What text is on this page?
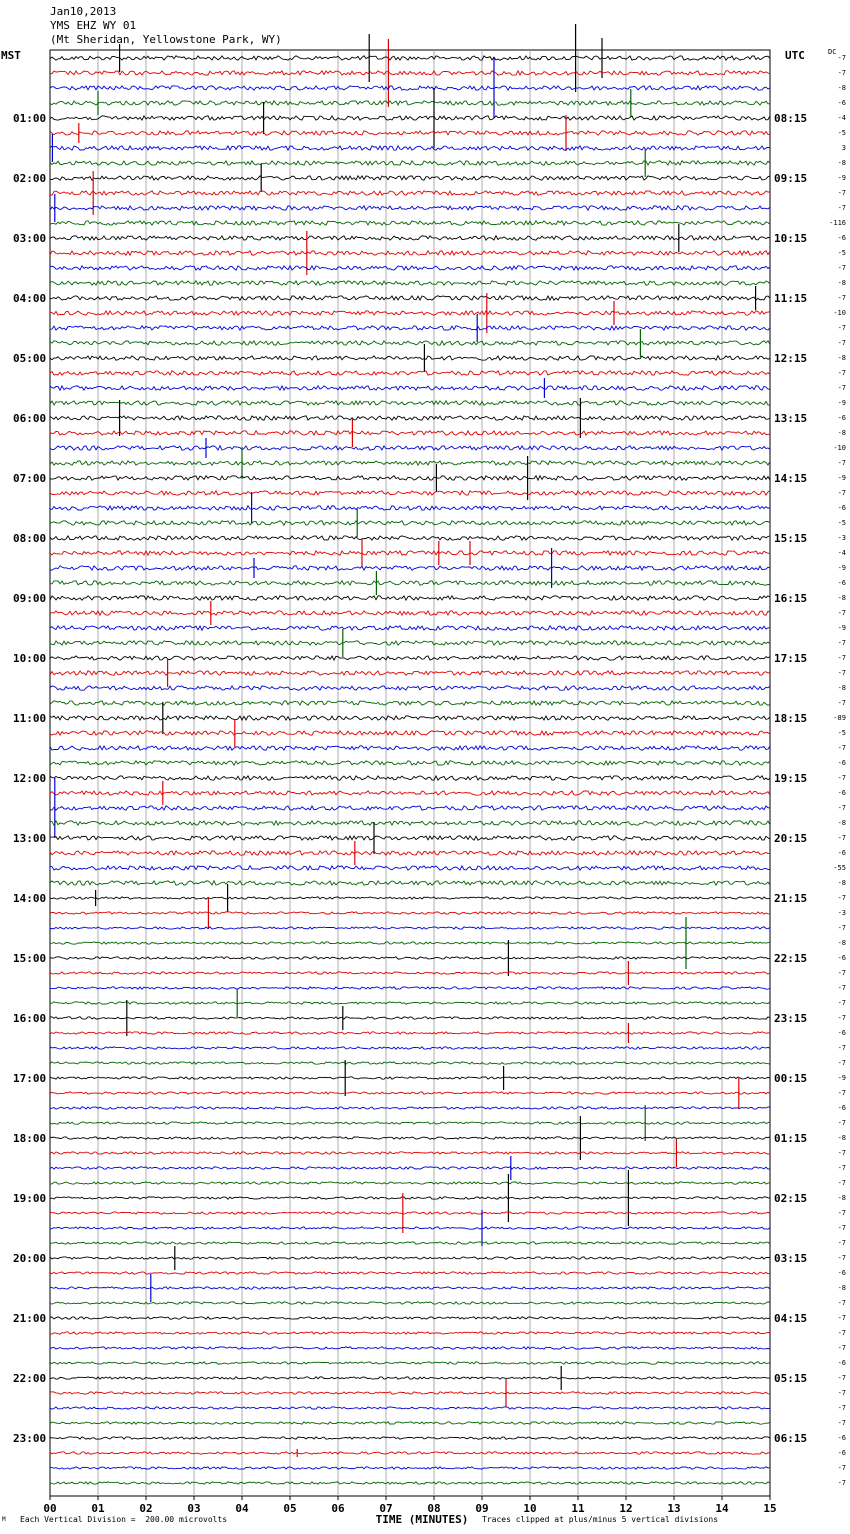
Jan10,2013
YMS EHZ WY 01
(Mt Sheridan, Yellowstone Park, WY)
MST	UTC	DC
-7
-7
-8
-6
-4
-5
3
-8
-9
-7
-7
-116
-6
-5
-7
-8
-7
-10
-7
-7
-8
-7
-7
-9
-6
-8
-10
-7
-9
-7
-6
-5
-3
-4
-9
-6
-8
-7
-9
-7
-7
-7
-8
-7
-89
-5
-7
-6
-7
-6
-7
-8
-7
-6
-55
-8
-7
-3
-7
-8
-6
-7
-7
-7
-7
-6
-7
-7
-9
-7
-6
-7
-8
-7
-7
-7
-8
-7
-7
-7
-7
-6
-8
-7
-7
-7
-7
-6
-7
-7
-7
-7
-6
-6
-7
-7
01:00
02:00
03:00
04:00
05:00
06:00
07:00
08:00
09:00
10:00
11:00
12:00
13:00
14:00
15:00
16:00
17:00
18:00
19:00
20:00
21:00
22:00
23:00
08:15
09:15
10:15
11:15
12:15
13:15
14:15
15:15
16:15
17:15
18:15
19:15
20:15
21:15
22:15
23:15
00:15
01:15
02:15
03:15
04:15
05:15
06:15
00	01	02	03	04	05	06	07	08	09	10	11	12	13	14	15
TIME (MINUTES)
M Each Vertical Division =  200.00 microvolts	Traces clipped at plus/minus 5 vertical divisions
